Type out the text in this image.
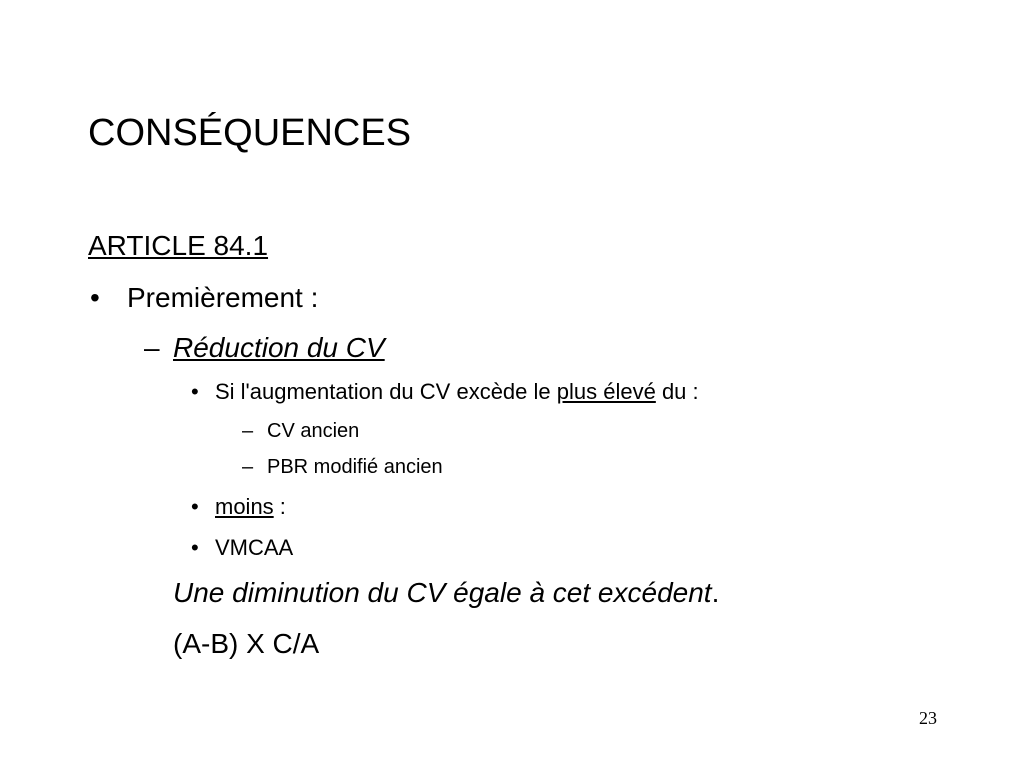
CONSÉQUENCES
ARTICLE 84.1
• Premièrement :
– Réduction du CV
• Si l'augmentation du CV excède le plus élevé du :
– CV ancien
– PBR modifié ancien
• moins :
• VMCAA
Une diminution du CV égale à cet excédent.
(A-B) X C/A
23
